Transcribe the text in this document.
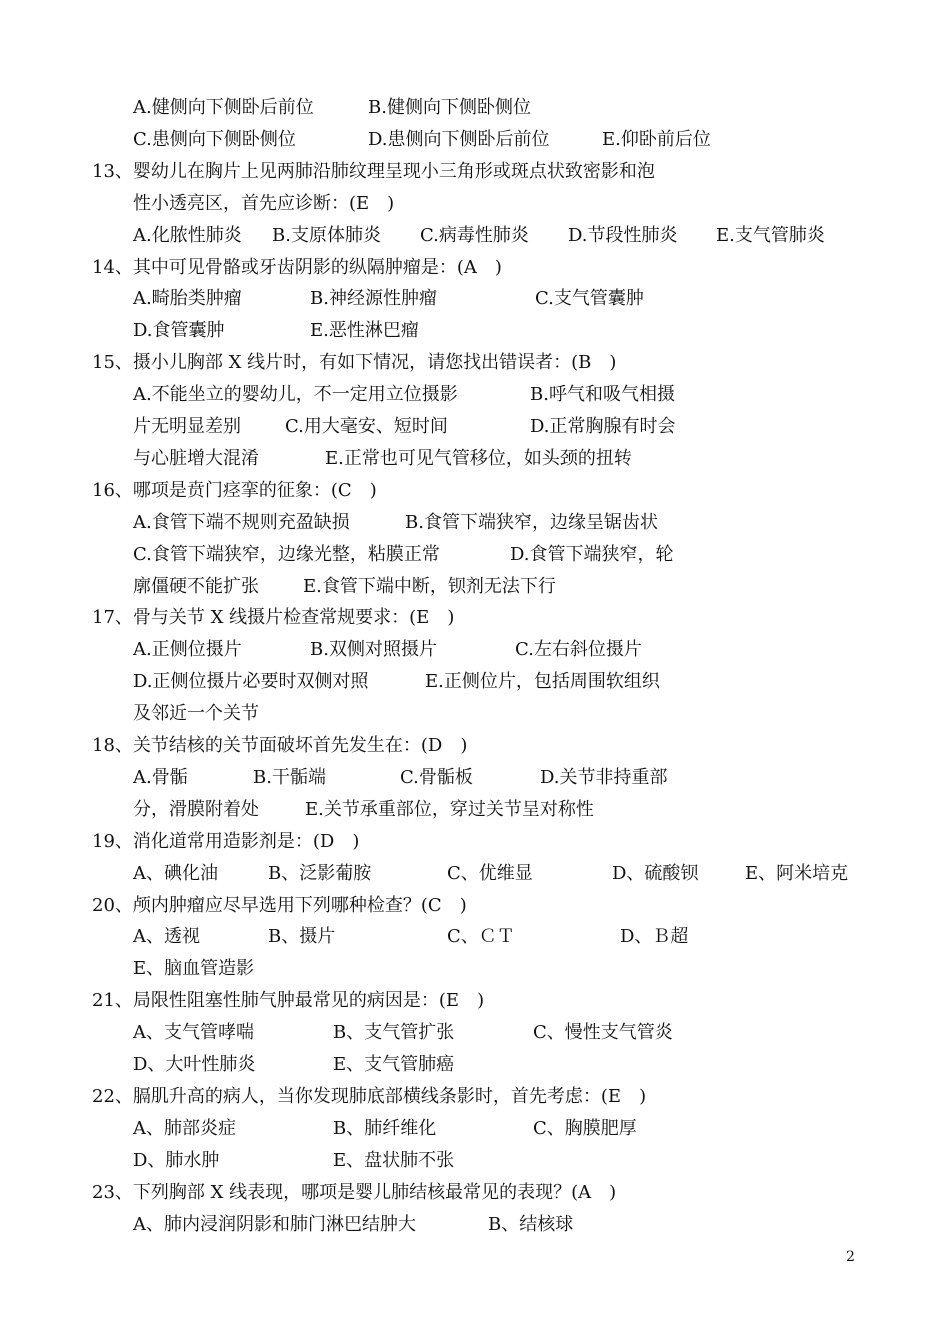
A.健侧向下侧卧后前位	B.健侧向下侧卧侧位
C.患侧向下侧卧侧位	D.患侧向下侧卧后前位	E.仰卧前后位
13、婴幼儿在胸片上见两肺沿肺纹理呈现小三角形或斑点状致密影和泡
性小透亮区，首先应诊断：(E　)
A.化脓性肺炎 B.支原体肺炎 C.病毒性肺炎 D.节段性肺炎 E.支气管肺炎
14、其中可见骨骼或牙齿阴影的纵隔肿瘤是：(A　)
A.畸胎类肿瘤	B.神经源性肿瘤	C.支气管囊肿
D.食管囊肿	E.恶性淋巴瘤
15、摄小儿胸部 X 线片时，有如下情况，请您找出错误者：(B　)
A.不能坐立的婴幼儿，不一定用立位摄影	B.呼气和吸气相摄
片无明显差别 C.用大毫安、短时间	D.正常胸腺有时会
与心脏增大混淆	E.正常也可见气管移位，如头颈的扭转
16、哪项是贲门痉挛的征象：(C　)
A.食管下端不规则充盈缺损	B.食管下端狭窄，边缘呈锯齿状
C.食管下端狭窄，边缘光整，粘膜正常	D.食管下端狭窄，轮
廓僵硬不能扩张 E.食管下端中断，钡剂无法下行
17、骨与关节 X 线摄片检查常规要求：(E　)
A.正侧位摄片	B.双侧对照摄片	C.左右斜位摄片
D.正侧位摄片必要时双侧对照	E.正侧位片，包括周围软组织
及邻近一个关节
18、关节结核的关节面破坏首先发生在：(D　)
A.骨骺	B.干骺端	C.骨骺板	D.关节非持重部
分，滑膜附着处	E.关节承重部位，穿过关节呈对称性
19、消化道常用造影剂是：(D　)
A、碘化油	B、泛影葡胺	C、优维显	D、硫酸钡	E、阿米培克
20、颅内肿瘤应尽早选用下列哪种检查？(C　)
A、透视	B、摄片	C、ＣＴ	D、Ｂ超
E、脑血管造影
21、局限性阻塞性肺气肿最常见的病因是：(E　)
A、支气管哮喘	B、支气管扩张	C、慢性支气管炎
D、大叶性肺炎	E、支气管肺癌
22、膈肌升高的病人，当你发现肺底部横线条影时，首先考虑：(E　)
A、肺部炎症	B、肺纤维化	C、胸膜肥厚
D、肺水肿	E、盘状肺不张
23、下列胸部 X 线表现，哪项是婴儿肺结核最常见的表现？(A　)
A、肺内浸润阴影和肺门淋巴结肿大	B、结核球
2
